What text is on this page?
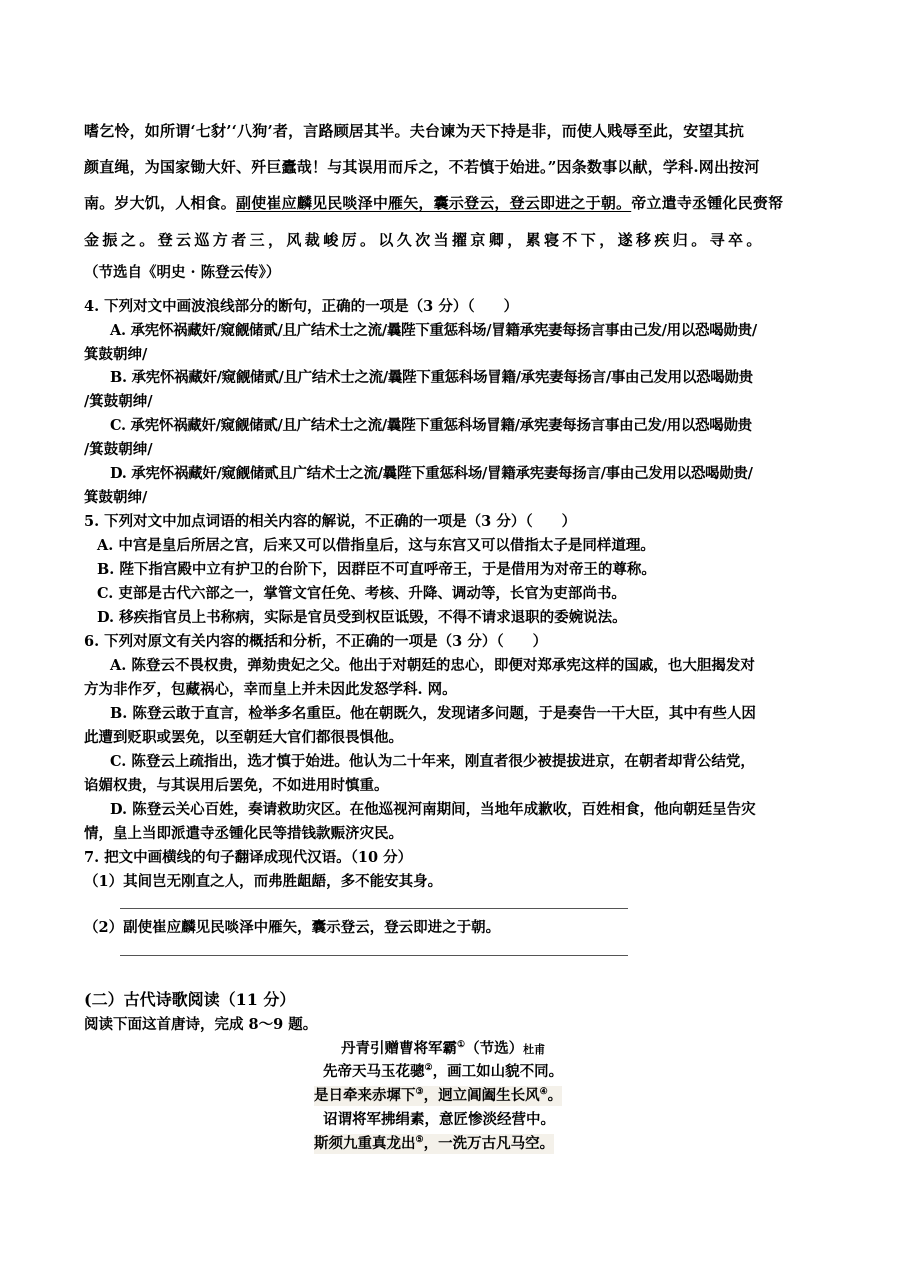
嗜乞怜，如所谓‘七豺’‘八狗’者，言路顾居其半。夫台谏为天下持是非，而使人贱辱至此，安望其抗
颜直绳，为国家锄大奸、歼巨蠹哉！与其误用而斥之，不若慎于始进。”因条数事以献，学科.网出按河
南。岁大饥，人相食。副使崔应麟见民啖泽中雁矢，囊示登云，登云即进之于朝。帝立遣寺丞锺化民赍帑
金振之。登云巡方者三，风裁峻厉。以久次当擢京卿，累寝不下，遂移疾归。寻卒。
（节选自《明史 · 陈登云传》）
4. 下列对文中画波浪线部分的断句，正确的一项是（3 分）（　　）
A. 承宪怀祸藏奸/窥觎储贰/且广结术士之流/曩陛下重惩科场/冒籍承宪妻每扬言事由己发/用以恐喝勋贵/
箕鼓朝绅/
B. 承宪怀祸藏奸/窥觎储贰/且广结术士之流/曩陛下重惩科场冒籍/承宪妻每扬言/事由己发用以恐喝勋贵
/箕鼓朝绅/
C. 承宪怀祸藏奸/窥觎储贰/且广结术士之流/曩陛下重惩科场冒籍/承宪妻每扬言事由己发/用以恐喝勋贵
/箕鼓朝绅/
D. 承宪怀祸藏奸/窥觎储贰且广结术士之流/曩陛下重惩科场/冒籍承宪妻每扬言/事由己发用以恐喝勋贵/
箕鼓朝绅/
5. 下列对文中加点词语的相关内容的解说，不正确的一项是（3 分）（　　）
A. 中宫是皇后所居之宫，后来又可以借指皇后，这与东宫又可以借指太子是同样道理。
B. 陛下指宫殿中立有护卫的台阶下，因群臣不可直呼帝王，于是借用为对帝王的尊称。
C. 吏部是古代六部之一，掌管文官任免、考核、升降、调动等，长官为吏部尚书。
D. 移疾指官员上书称病，实际是官员受到权臣诋毁，不得不请求退职的委婉说法。
6. 下列对原文有关内容的概括和分析，不正确的一项是（3 分）（　　）
A. 陈登云不畏权贵，弹劾贵妃之父。他出于对朝廷的忠心，即便对郑承宪这样的国戚，也大胆揭发对
方为非作歹，包藏祸心，幸而皇上并未因此发怒学科. 网。
B. 陈登云敢于直言，检举多名重臣。他在朝既久，发现诸多问题，于是奏告一干大臣，其中有些人因
此遭到贬职或罢免，以至朝廷大官们都很畏惧他。
C. 陈登云上疏指出，选才慎于始进。他认为二十年来，刚直者很少被提拔进京，在朝者却背公结党，
谄媚权贵，与其误用后罢免，不如进用时慎重。
D. 陈登云关心百姓，奏请救助灾区。在他巡视河南期间，当地年成歉收，百姓相食，他向朝廷呈告灾
情，皇上当即派遣寺丞锺化民等措钱款赈济灾民。
7. 把文中画横线的句子翻译成现代汉语。（10 分）
（1）其间岂无刚直之人，而弗胜龃龉，多不能安其身。
（2）副使崔应麟见民啖泽中雁矢，囊示登云，登云即进之于朝。
(二）古代诗歌阅读（11 分）
阅读下面这首唐诗，完成 8～9 题。
丹青引赠曹将军霸①（节选）杜甫
先帝天马玉花骢②，画工如山貌不同。
是日牵来赤墀下③，迥立阊阖生长风④。
诏谓将军拂绢素，意匠惨淡经营中。
斯须九重真龙出⑤，一洗万古凡马空。
